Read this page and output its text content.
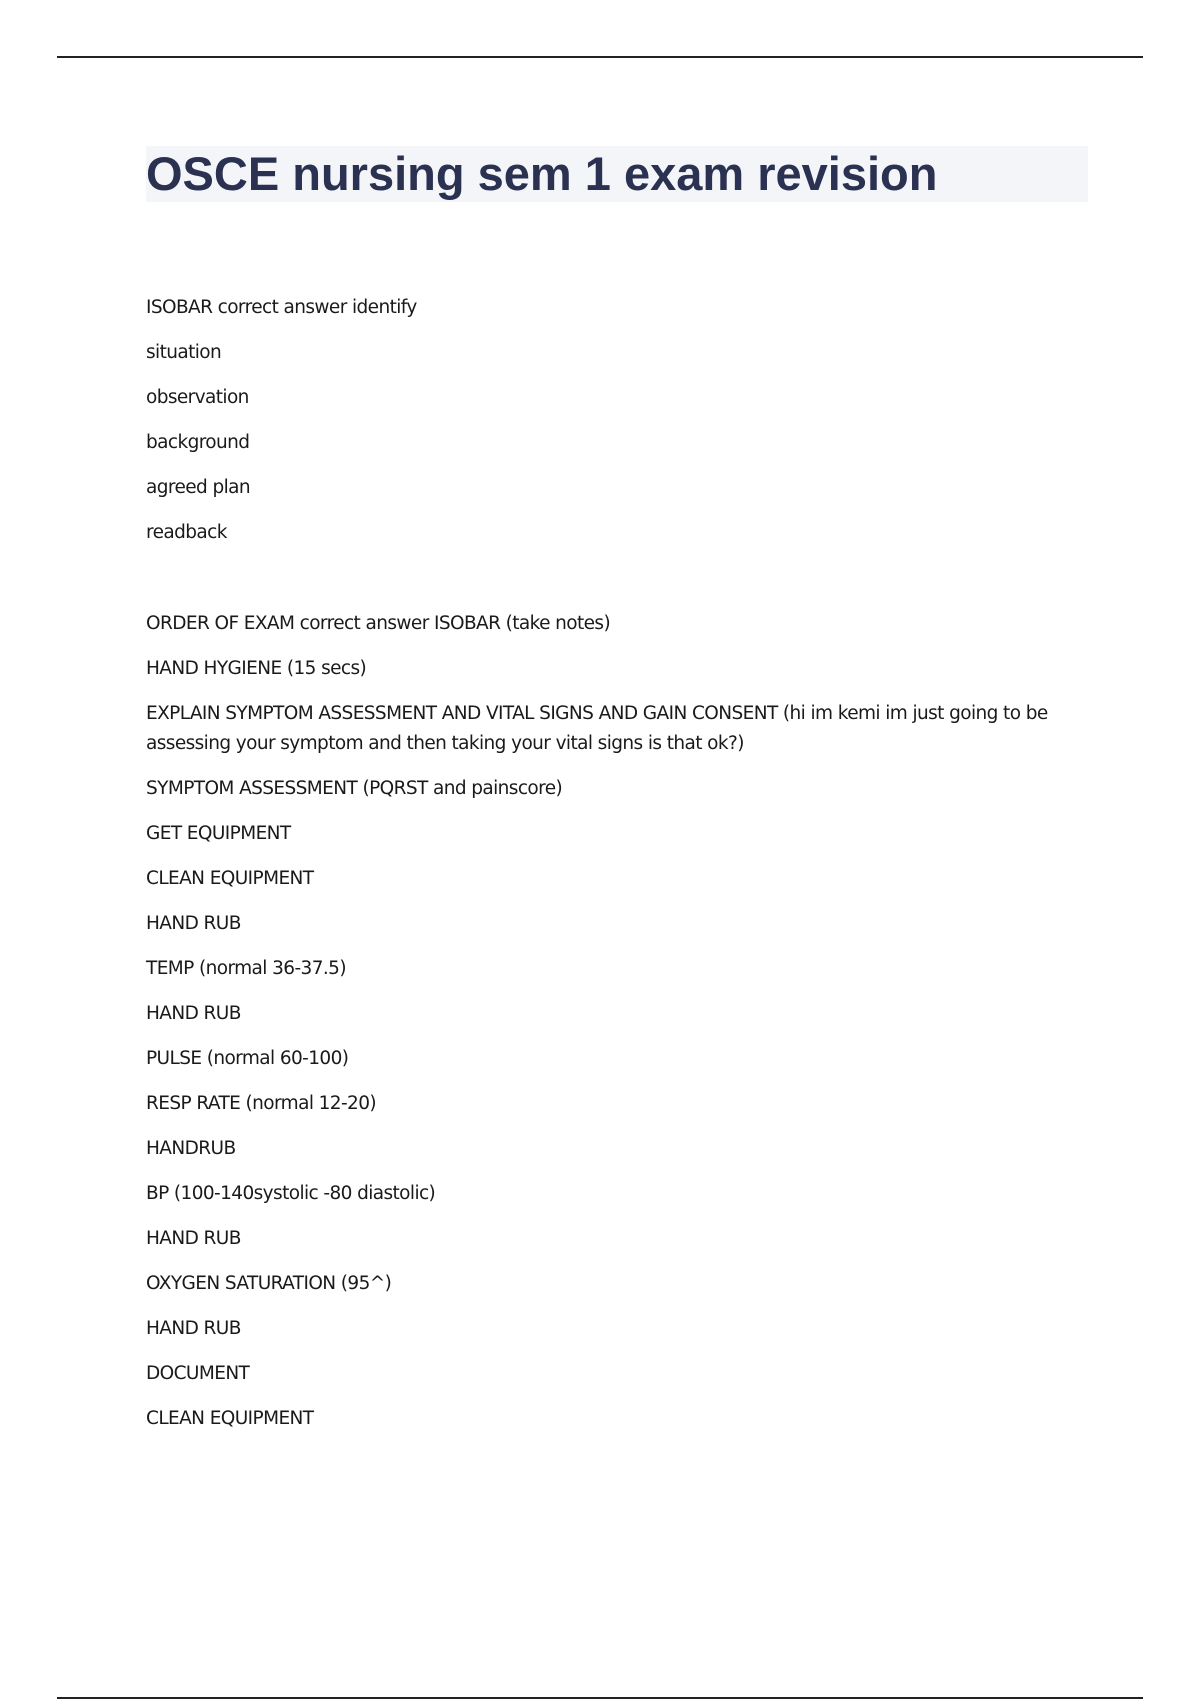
OSCE nursing sem 1 exam revision

ISOBAR correct answer identify

situation

observation

background

agreed plan

readback

ORDER OF EXAM correct answer ISOBAR (take notes)

HAND HYGIENE (15 secs)

EXPLAIN SYMPTOM ASSESSMENT AND VITAL SIGNS AND GAIN CONSENT (hi im kemi im just going to be assessing your symptom and then taking your vital signs is that ok?)

SYMPTOM ASSESSMENT (PQRST and painscore)

GET EQUIPMENT

CLEAN EQUIPMENT

HAND RUB

TEMP (normal 36-37.5)

HAND RUB

PULSE (normal 60-100)

RESP RATE (normal 12-20)

HANDRUB

BP (100-140systolic -80 diastolic)

HAND RUB

OXYGEN SATURATION (95^)

HAND RUB

DOCUMENT

CLEAN EQUIPMENT
